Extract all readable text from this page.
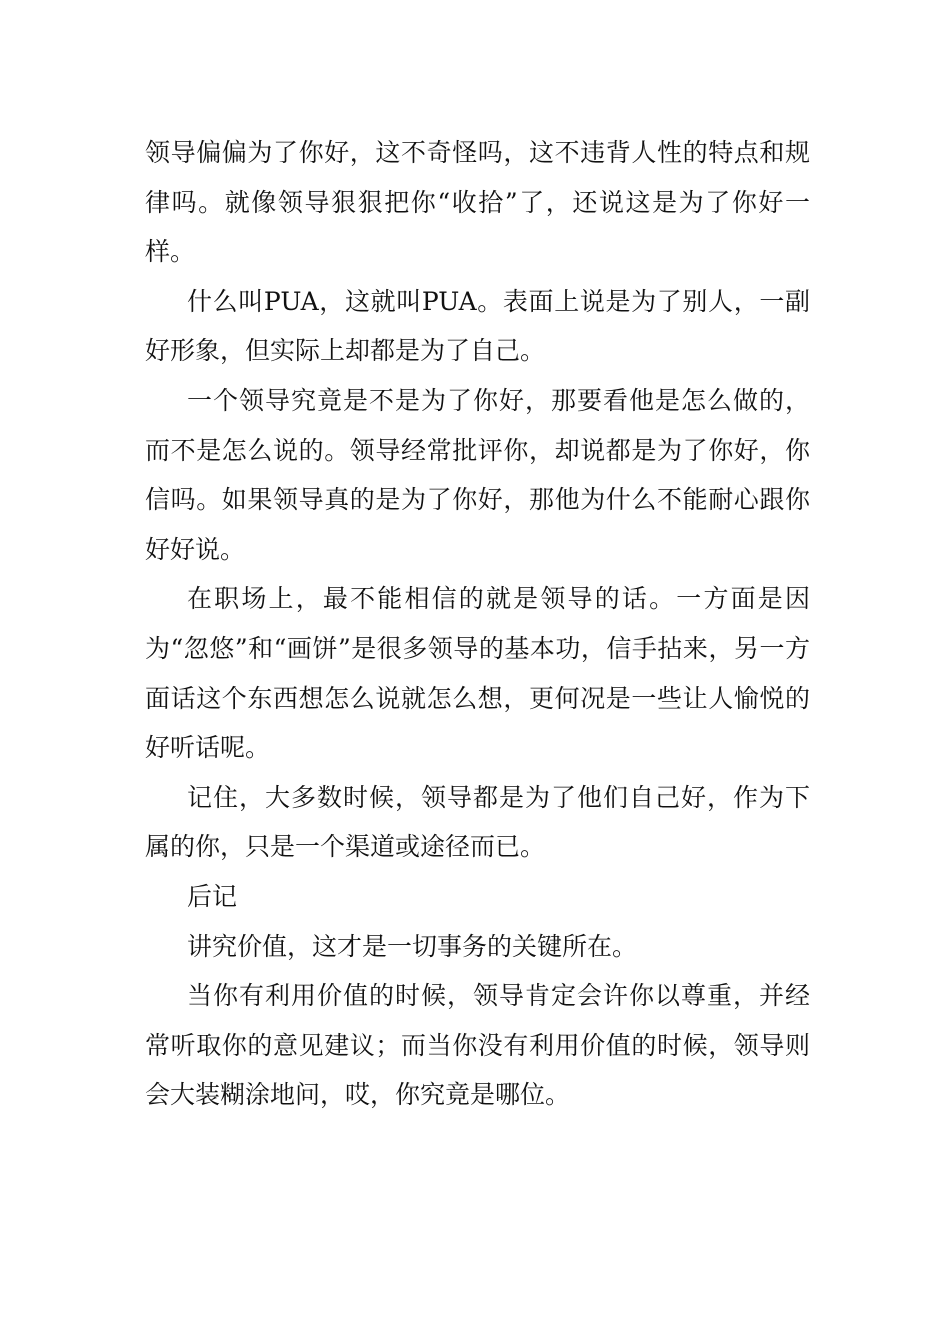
领导偏偏为了你好，这不奇怪吗，这不违背人性的特点和规律吗。就像领导狠狠把你“收拾”了，还说这是为了你好一样。

什么叫PUA，这就叫PUA。表面上说是为了别人，一副好形象，但实际上却都是为了自己。

一个领导究竟是不是为了你好，那要看他是怎么做的，而不是怎么说的。领导经常批评你，却说都是为了你好，你信吗。如果领导真的是为了你好，那他为什么不能耐心跟你好好说。

在职场上，最不能相信的就是领导的话。一方面是因为“忽悠”和“画饼”是很多领导的基本功，信手拈来，另一方面话这个东西想怎么说就怎么想，更何况是一些让人愉悦的好听话呢。

记住，大多数时候，领导都是为了他们自己好，作为下属的你，只是一个渠道或途径而已。

后记

讲究价值，这才是一切事务的关键所在。

当你有利用价值的时候，领导肯定会许你以尊重，并经常听取你的意见建议；而当你没有利用价值的时候，领导则会大装糊涂地问，哎，你究竟是哪位。
